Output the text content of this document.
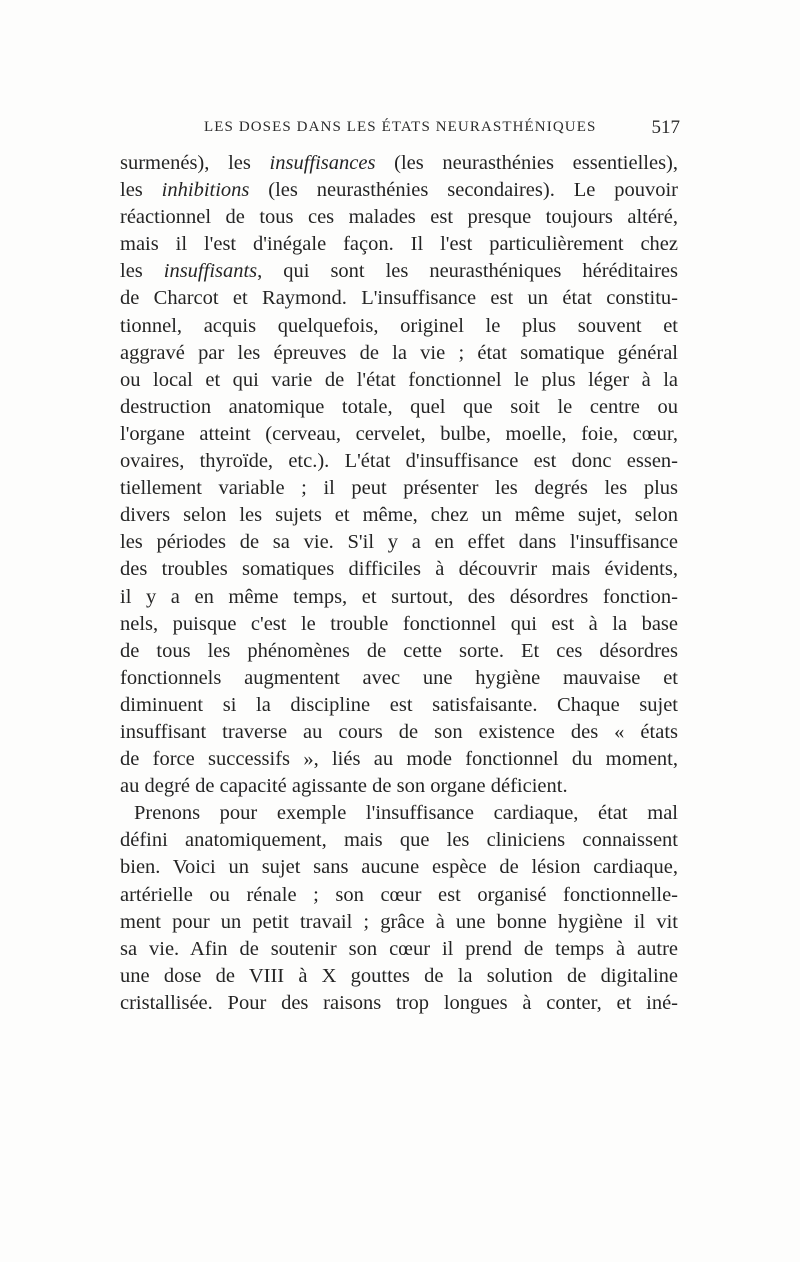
LES DOSES DANS LES ÉTATS NEURASTHÉNIQUES	517
surmenés), les insuffisances (les neurasthénies essentielles),
les inhibitions (les neurasthénies secondaires). Le pouvoir
réactionnel de tous ces malades est presque toujours altéré,
mais il l'est d'inégale façon. Il l'est particulièrement chez
les insuffisants, qui sont les neurasthéniques héréditaires
de Charcot et Raymond. L'insuffisance est un état constitu-
tionnel, acquis quelquefois, originel le plus souvent et
aggravé par les épreuves de la vie ; état somatique général
ou local et qui varie de l'état fonctionnel le plus léger à la
destruction anatomique totale, quel que soit le centre ou
l'organe atteint (cerveau, cervelet, bulbe, moelle, foie, cœur,
ovaires, thyroïde, etc.). L'état d'insuffisance est donc essen-
tiellement variable ; il peut présenter les degrés les plus
divers selon les sujets et même, chez un même sujet, selon
les périodes de sa vie. S'il y a en effet dans l'insuffisance
des troubles somatiques difficiles à découvrir mais évidents,
il y a en même temps, et surtout, des désordres fonction-
nels, puisque c'est le trouble fonctionnel qui est à la base
de tous les phénomènes de cette sorte. Et ces désordres
fonctionnels augmentent avec une hygiène mauvaise et
diminuent si la discipline est satisfaisante. Chaque sujet
insuffisant traverse au cours de son existence des « états
de force successifs », liés au mode fonctionnel du moment,
au degré de capacité agissante de son organe déficient.
Prenons pour exemple l'insuffisance cardiaque, état mal
défini anatomiquement, mais que les cliniciens connaissent
bien. Voici un sujet sans aucune espèce de lésion cardiaque,
artérielle ou rénale ; son cœur est organisé fonctionnelle-
ment pour un petit travail ; grâce à une bonne hygiène il vit
sa vie. Afin de soutenir son cœur il prend de temps à autre
une dose de VIII à X gouttes de la solution de digitaline
cristallisée. Pour des raisons trop longues à conter, et iné-
